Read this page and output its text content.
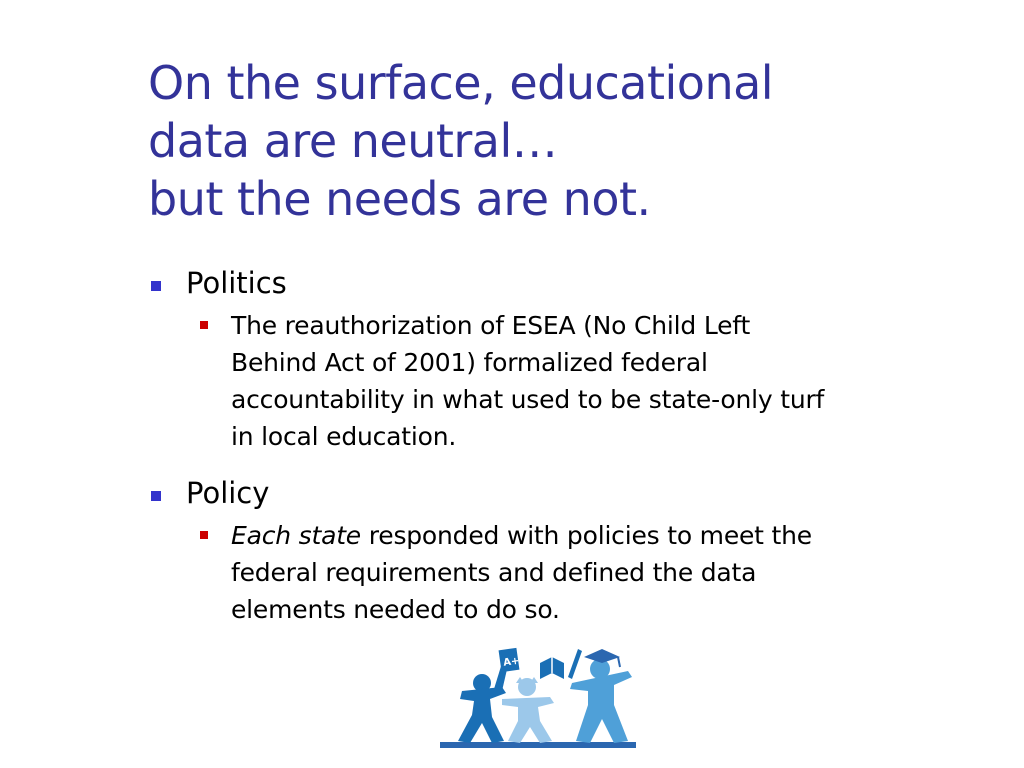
On the surface, educational
data are neutral…
but the needs are not.

Politics

The reauthorization of ESEA (No Child Left
Behind Act of 2001) formalized federal
accountability in what used to be state-only turf
in local education.

Policy

Each state responded with policies to meet the
federal requirements and defined the data
elements needed to do so.

A+
